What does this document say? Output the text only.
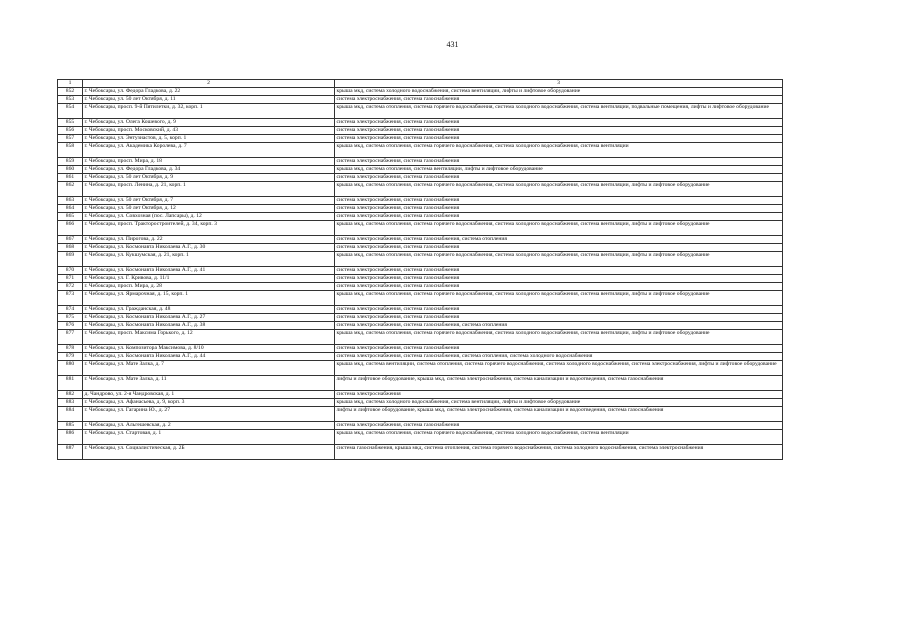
431
1	2	3
852	г. Чебоксары, ул. Федора Гладкова, д. 22	крыша мкд, система холодного водоснабжения, система вентиляции, лифты и лифтовое оборудование
853	г. Чебоксары, ул. 50 лет Октября, д. 11	система электроснабжения, система газоснабжения
854	г. Чебоксары, просп. 9-й Пятилетки, д. 32, корп. 1	крыша мкд, система отопления, система горячего водоснабжения, система холодного водоснабжения, система вентиляции, подвальные помещения, лифты и лифтовое оборудование
855	г. Чебоксары, ул. Олега Кошевого, д. 9	система электроснабжения, система газоснабжения
856	г. Чебоксары, просп. Московский, д. 43	система электроснабжения, система газоснабжения
857	г. Чебоксары, ул. Энтузиастов, д. 5, корп. 1	система электроснабжения, система газоснабжения
858	г. Чебоксары, ул. Академика Королева, д. 7	крыша мкд, система отопления, система горячего водоснабжения, система холодного водоснабжения, система вентиляции
859	г. Чебоксары, просп. Мира, д. 18	система электроснабжения, система газоснабжения
860	г. Чебоксары, ул. Федора Гладкова, д. 34	крыша мкд, система отопления, система вентиляции, лифты и лифтовое оборудование
861	г. Чебоксары, ул. 50 лет Октября, д. 9	система электроснабжения, система газоснабжения
862	г. Чебоксары, просп. Ленина, д. 21, корп. 1	крыша мкд, система отопления, система горячего водоснабжения, система холодного водоснабжения, система вентиляции, лифты и лифтовое оборудование
863	г. Чебоксары, ул. 50 лет Октября, д. 7	система электроснабжения, система газоснабжения
864	г. Чебоксары, ул. 50 лет Октября, д. 12	система электроснабжения, система газоснабжения
865	г. Чебоксары, ул. Совхозная (пос. Лапсары), д. 12	система электроснабжения, система газоснабжения
866	г. Чебоксары, просп. Тракторостроителей, д. 34, корп. 3	крыша мкд, система отопления, система горячего водоснабжения, система холодного водоснабжения, система вентиляции, лифты и лифтовое оборудование
867	г. Чебоксары, ул. Пирогова, д. 22	система электроснабжения, система газоснабжения, система отопления
868	г. Чебоксары, ул. Космонавта Николаева А.Г., д. 30	система электроснабжения, система газоснабжения
869	г. Чебоксары, ул. Кукшумская, д. 21, корп. 1	крыша мкд, система отопления, система горячего водоснабжения, система холодного водоснабжения, система вентиляции, лифты и лифтовое оборудование
870	г. Чебоксары, ул. Космонавта Николаева А.Г., д. 41	система электроснабжения, система газоснабжения
871	г. Чебоксары, ул. Г. Кривова, д. 11/1	система электроснабжения, система газоснабжения
872	г. Чебоксары, просп. Мира, д. 28	система электроснабжения, система газоснабжения
873	г. Чебоксары, ул. Ярмарочная, д. 15, корп. 1	крыша мкд, система отопления, система горячего водоснабжения, система холодного водоснабжения, система вентиляции, лифты и лифтовое оборудование
874	г. Чебоксары, ул. Гражданская, д. 48	система электроснабжения, система газоснабжения
875	г. Чебоксары, ул. Космонавта Николаева А.Г., д. 27	система электроснабжения, система газоснабжения
876	г. Чебоксары, ул. Космонавта Николаева А.Г., д. 38	система электроснабжения, система газоснабжения, система отопления
877	г. Чебоксары, просп. Максима Горького, д. 12	крыша мкд, система отопления, система горячего водоснабжения, система холодного водоснабжения, система вентиляции, лифты и лифтовое оборудование
878	г. Чебоксары, ул. Композитора Максимова, д. 8/10	система электроснабжения, система газоснабжения
879	г. Чебоксары, ул. Космонавта Николаева А.Г., д. 44	система электроснабжения, система газоснабжения, система отопления, система холодного водоснабжения
880	г. Чебоксары, ул. Мате Залка, д. 7	крыша мкд, система вентиляции, система отопления, система горячего водоснабжения, система холодного водоснабжения, система электроснабжения, лифты и лифтовое оборудование
881	г. Чебоксары, ул. Мате Залка, д. 11	лифты и лифтовое оборудование, крыша мкд, система электроснабжения, система канализации и водоотведения, система газоснабжения
882	д. Чандрово, ул. 2-я Чандровская, д. 1	система электроснабжения
883	г. Чебоксары, ул. Афанасьева, д. 9, корп. 3	крыша мкд, система холодного водоснабжения, система вентиляции, лифты и лифтовое оборудование
884	г. Чебоксары, ул. Гагарина Ю., д. 27	лифты и лифтовое оборудование, крыша мкд, система электроснабжения, система канализации и водоотведения, система газоснабжения
885	г. Чебоксары, ул. Альгешевская, д. 2	система электроснабжения, система газоснабжения
886	г. Чебоксары, ул. Стартовая, д. 1	крыша мкд, система отопления, система горячего водоснабжения, система холодного водоснабжения, система вентиляции
887	г. Чебоксары, ул. Социалистическая, д. 2Б	система газоснабжения, крыша мкд, система отопления, система горячего водоснабжения, система холодного водоснабжения, система электроснабжения
